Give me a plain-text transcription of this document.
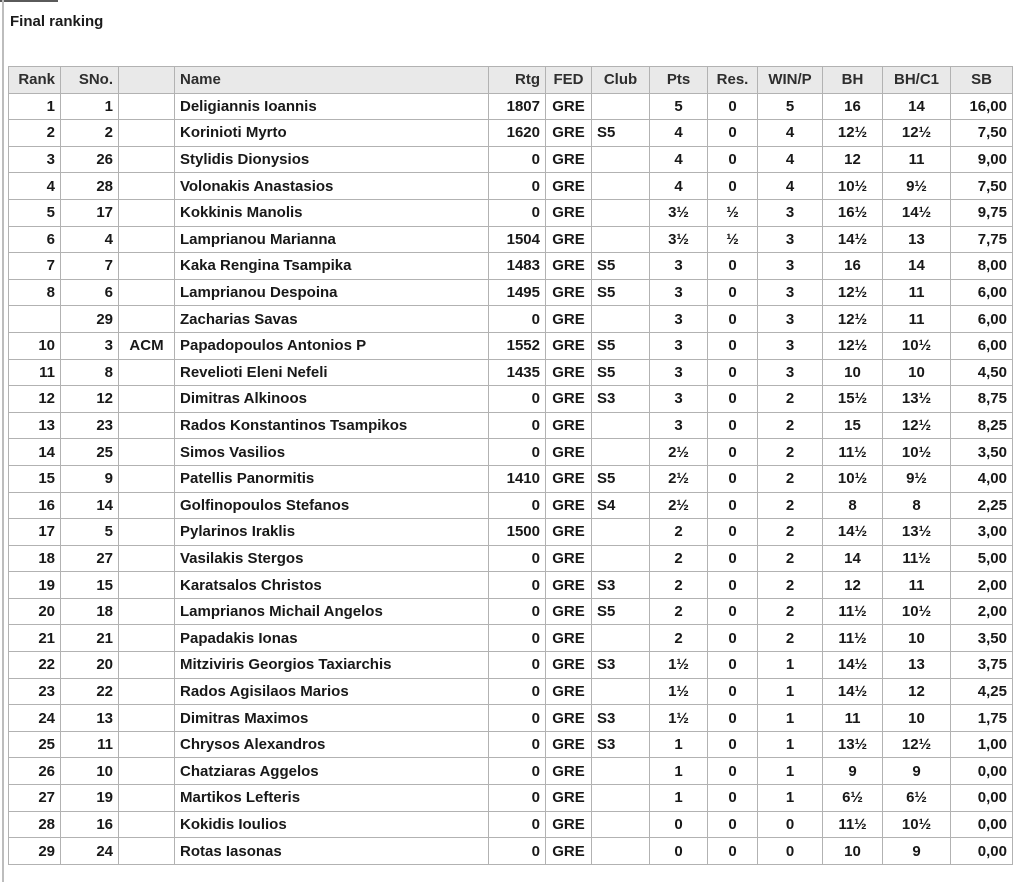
Final ranking
Rank	SNo.		Name	Rtg	FED	Club	Pts	Res.	WIN/P	BH	BH/C1	SB
1	1		Deligiannis Ioannis	1807	GRE		5	0	5	16	14	16,00
2	2		Korinioti Myrto	1620	GRE	S5	4	0	4	12½	12½	7,50
3	26		Stylidis Dionysios	0	GRE		4	0	4	12	11	9,00
4	28		Volonakis Anastasios	0	GRE		4	0	4	10½	9½	7,50
5	17		Kokkinis Manolis	0	GRE		3½	½	3	16½	14½	9,75
6	4		Lamprianou Marianna	1504	GRE		3½	½	3	14½	13	7,75
7	7		Kaka Rengina Tsampika	1483	GRE	S5	3	0	3	16	14	8,00
8	6		Lamprianou Despoina	1495	GRE	S5	3	0	3	12½	11	6,00
	29		Zacharias Savas	0	GRE		3	0	3	12½	11	6,00
10	3	ACM	Papadopoulos Antonios P	1552	GRE	S5	3	0	3	12½	10½	6,00
11	8		Revelioti Eleni Nefeli	1435	GRE	S5	3	0	3	10	10	4,50
12	12		Dimitras Alkinoos	0	GRE	S3	3	0	2	15½	13½	8,75
13	23		Rados Konstantinos Tsampikos	0	GRE		3	0	2	15	12½	8,25
14	25		Simos Vasilios	0	GRE		2½	0	2	11½	10½	3,50
15	9		Patellis Panormitis	1410	GRE	S5	2½	0	2	10½	9½	4,00
16	14		Golfinopoulos Stefanos	0	GRE	S4	2½	0	2	8	8	2,25
17	5		Pylarinos Iraklis	1500	GRE		2	0	2	14½	13½	3,00
18	27		Vasilakis Stergos	0	GRE		2	0	2	14	11½	5,00
19	15		Karatsalos Christos	0	GRE	S3	2	0	2	12	11	2,00
20	18		Lamprianos Michail Angelos	0	GRE	S5	2	0	2	11½	10½	2,00
21	21		Papadakis Ionas	0	GRE		2	0	2	11½	10	3,50
22	20		Mitziviris Georgios Taxiarchis	0	GRE	S3	1½	0	1	14½	13	3,75
23	22		Rados Agisilaos Marios	0	GRE		1½	0	1	14½	12	4,25
24	13		Dimitras Maximos	0	GRE	S3	1½	0	1	11	10	1,75
25	11		Chrysos Alexandros	0	GRE	S3	1	0	1	13½	12½	1,00
26	10		Chatziaras Aggelos	0	GRE		1	0	1	9	9	0,00
27	19		Martikos Lefteris	0	GRE		1	0	1	6½	6½	0,00
28	16		Kokidis Ioulios	0	GRE		0	0	0	11½	10½	0,00
29	24		Rotas Iasonas	0	GRE		0	0	0	10	9	0,00
